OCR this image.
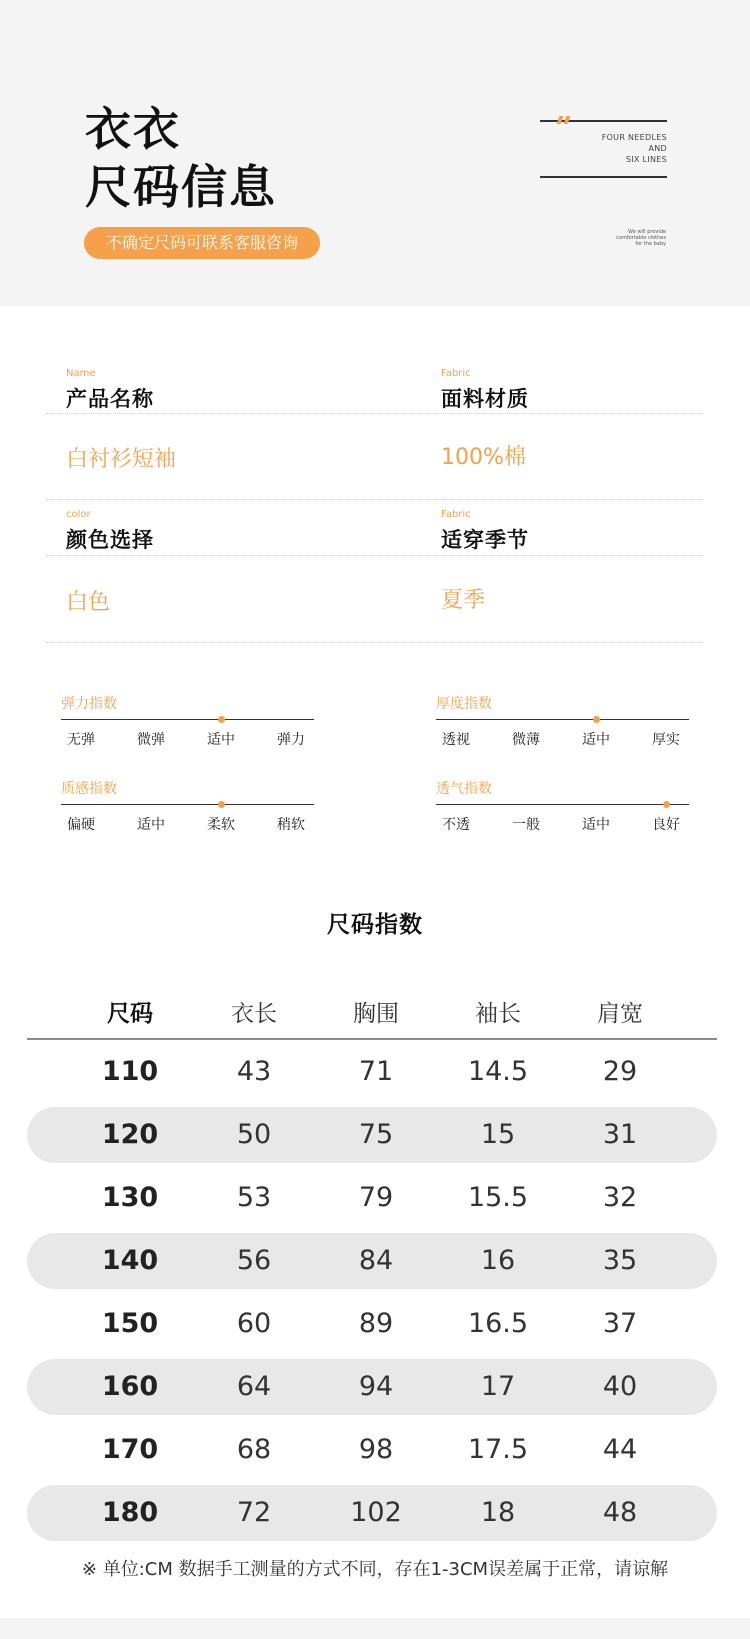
衣衣
尺码信息
不确定尺码可联系客服咨询
FOUR NEEDLES
AND
SIX LINES
We will provide
comfortable clothes
for the baby
Name
产品名称
Fabric
面料材质
白衬衫短袖	100%棉
color
颜色选择
Fabric
适穿季节
白色	夏季
弹力指数
无弹	微弹	适中	弹力
厚度指数
透视	微薄	适中	厚实
质感指数
偏硬	适中	柔软	稍软
透气指数
不透	一般	适中	良好
尺码指数
尺码	衣长	胸围	袖长	肩宽
110	43	71	14.5	29
120	50	75	15	31
130	53	79	15.5	32
140	56	84	16	35
150	60	89	16.5	37
160	64	94	17	40
170	68	98	17.5	44
180	72	102	18	48
※ 单位:CM 数据手工测量的方式不同，存在1-3CM误差属于正常，请谅解
